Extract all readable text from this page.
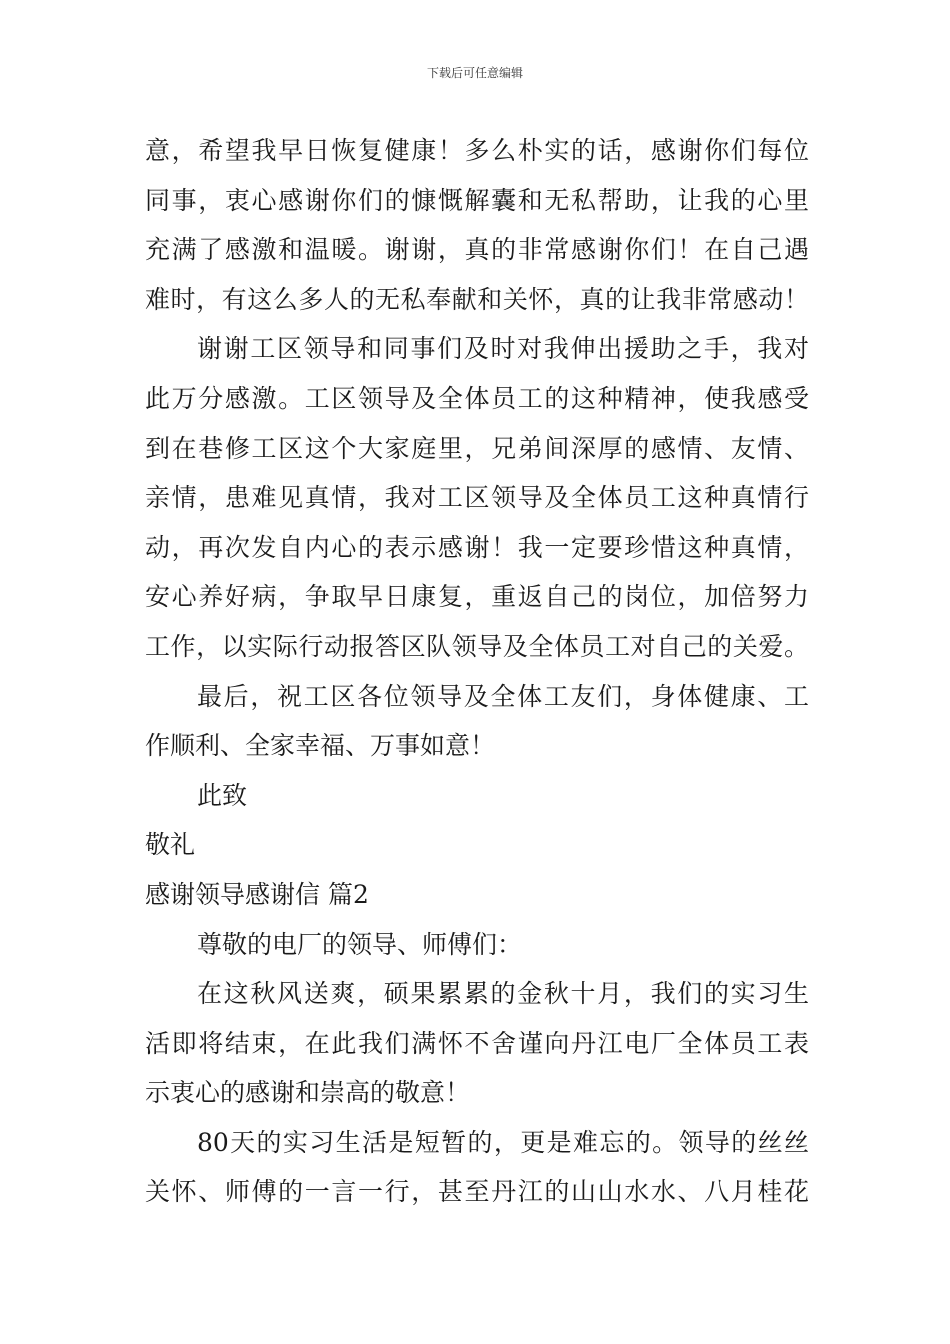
下载后可任意编辑
意，希望我早日恢复健康！多么朴实的话，感谢你们每位
同事，衷心感谢你们的慷慨解囊和无私帮助，让我的心里
充满了感激和温暖。谢谢，真的非常感谢你们！在自己遇
难时，有这么多人的无私奉献和关怀，真的让我非常感动！
谢谢工区领导和同事们及时对我伸出援助之手，我对
此万分感激。工区领导及全体员工的这种精神，使我感受
到在巷修工区这个大家庭里，兄弟间深厚的感情、友情、
亲情，患难见真情，我对工区领导及全体员工这种真情行
动，再次发自内心的表示感谢！我一定要珍惜这种真情，
安心养好病，争取早日康复，重返自己的岗位，加倍努力
工作，以实际行动报答区队领导及全体员工对自己的关爱。
最后，祝工区各位领导及全体工友们，身体健康、工
作顺利、全家幸福、万事如意！
此致
敬礼
感谢领导感谢信 篇2
尊敬的电厂的领导、师傅们：
在这秋风送爽，硕果累累的金秋十月，我们的实习生
活即将结束，在此我们满怀不舍谨向丹江电厂全体员工表
示衷心的感谢和崇高的敬意！
80天的实习生活是短暂的，更是难忘的。领导的丝丝
关怀、师傅的一言一行，甚至丹江的山山水水、八月桂花
